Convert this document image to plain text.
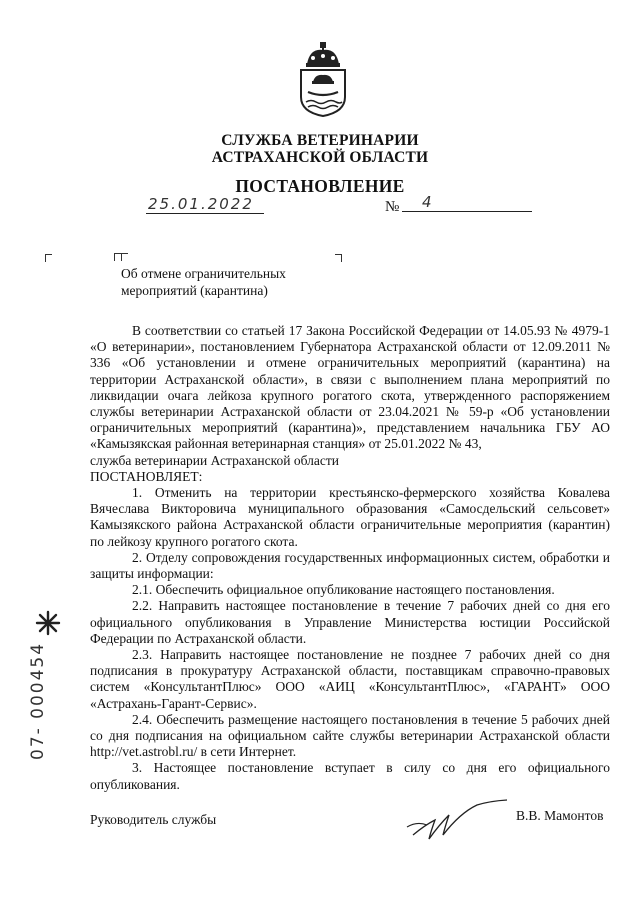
СЛУЖБА ВЕТЕРИНАРИИ
АСТРАХАНСКОЙ ОБЛАСТИ
ПОСТАНОВЛЕНИЕ
25.01.2022	№	4
Об отмене ограничительных
мероприятий (карантина)

В соответствии со статьей 17 Закона Российской Федерации от 14.05.93 № 4979-1 «О ветеринарии», постановлением Губернатора Астраханской области от 12.09.2011 № 336 «Об установлении и отмене ограничительных мероприятий (карантина) на территории Астраханской области», в связи с выполнением плана мероприятий по ликвидации очага лейкоза крупного рогатого скота, утвержденного распоряжением службы ветеринарии Астраханской области от 23.04.2021 № 59-р «Об установлении ограничительных мероприятий (карантина)», представлением начальника ГБУ АО «Камызякская районная ветеринарная станция» от 25.01.2022 № 43,

служба ветеринарии Астраханской области

ПОСТАНОВЛЯЕТ:

1. Отменить на территории крестьянско-фермерского хозяйства Ковалева Вячеслава Викторовича муниципального образования «Самосдельский сельсовет» Камызякского района Астраханской области ограничительные мероприятия (карантин) по лейкозу крупного рогатого скота.

2. Отделу сопровождения государственных информационных систем, обработки и защиты информации:

2.1. Обеспечить официальное опубликование настоящего постановления.

2.2. Направить настоящее постановление в течение 7 рабочих дней со дня его официального опубликования в Управление Министерства юстиции Российской Федерации по Астраханской области.

2.3. Направить настоящее постановление не позднее 7 рабочих дней со дня подписания в прокуратуру Астраханской области, поставщикам справочно-правовых систем «КонсультантПлюс» ООО «АИЦ «КонсультантПлюс», «ГАРАНТ» ООО «Астрахань-Гарант-Сервис».

2.4. Обеспечить размещение настоящего постановления в течение 5 рабочих дней со дня подписания на официальном сайте службы ветеринарии Астраханской области http://vet.astrobl.ru/ в сети Интернет.

3. Настоящее постановление вступает в силу со дня его официального опубликования.

07- 000454
Руководитель службы	В.В. Мамонтов
